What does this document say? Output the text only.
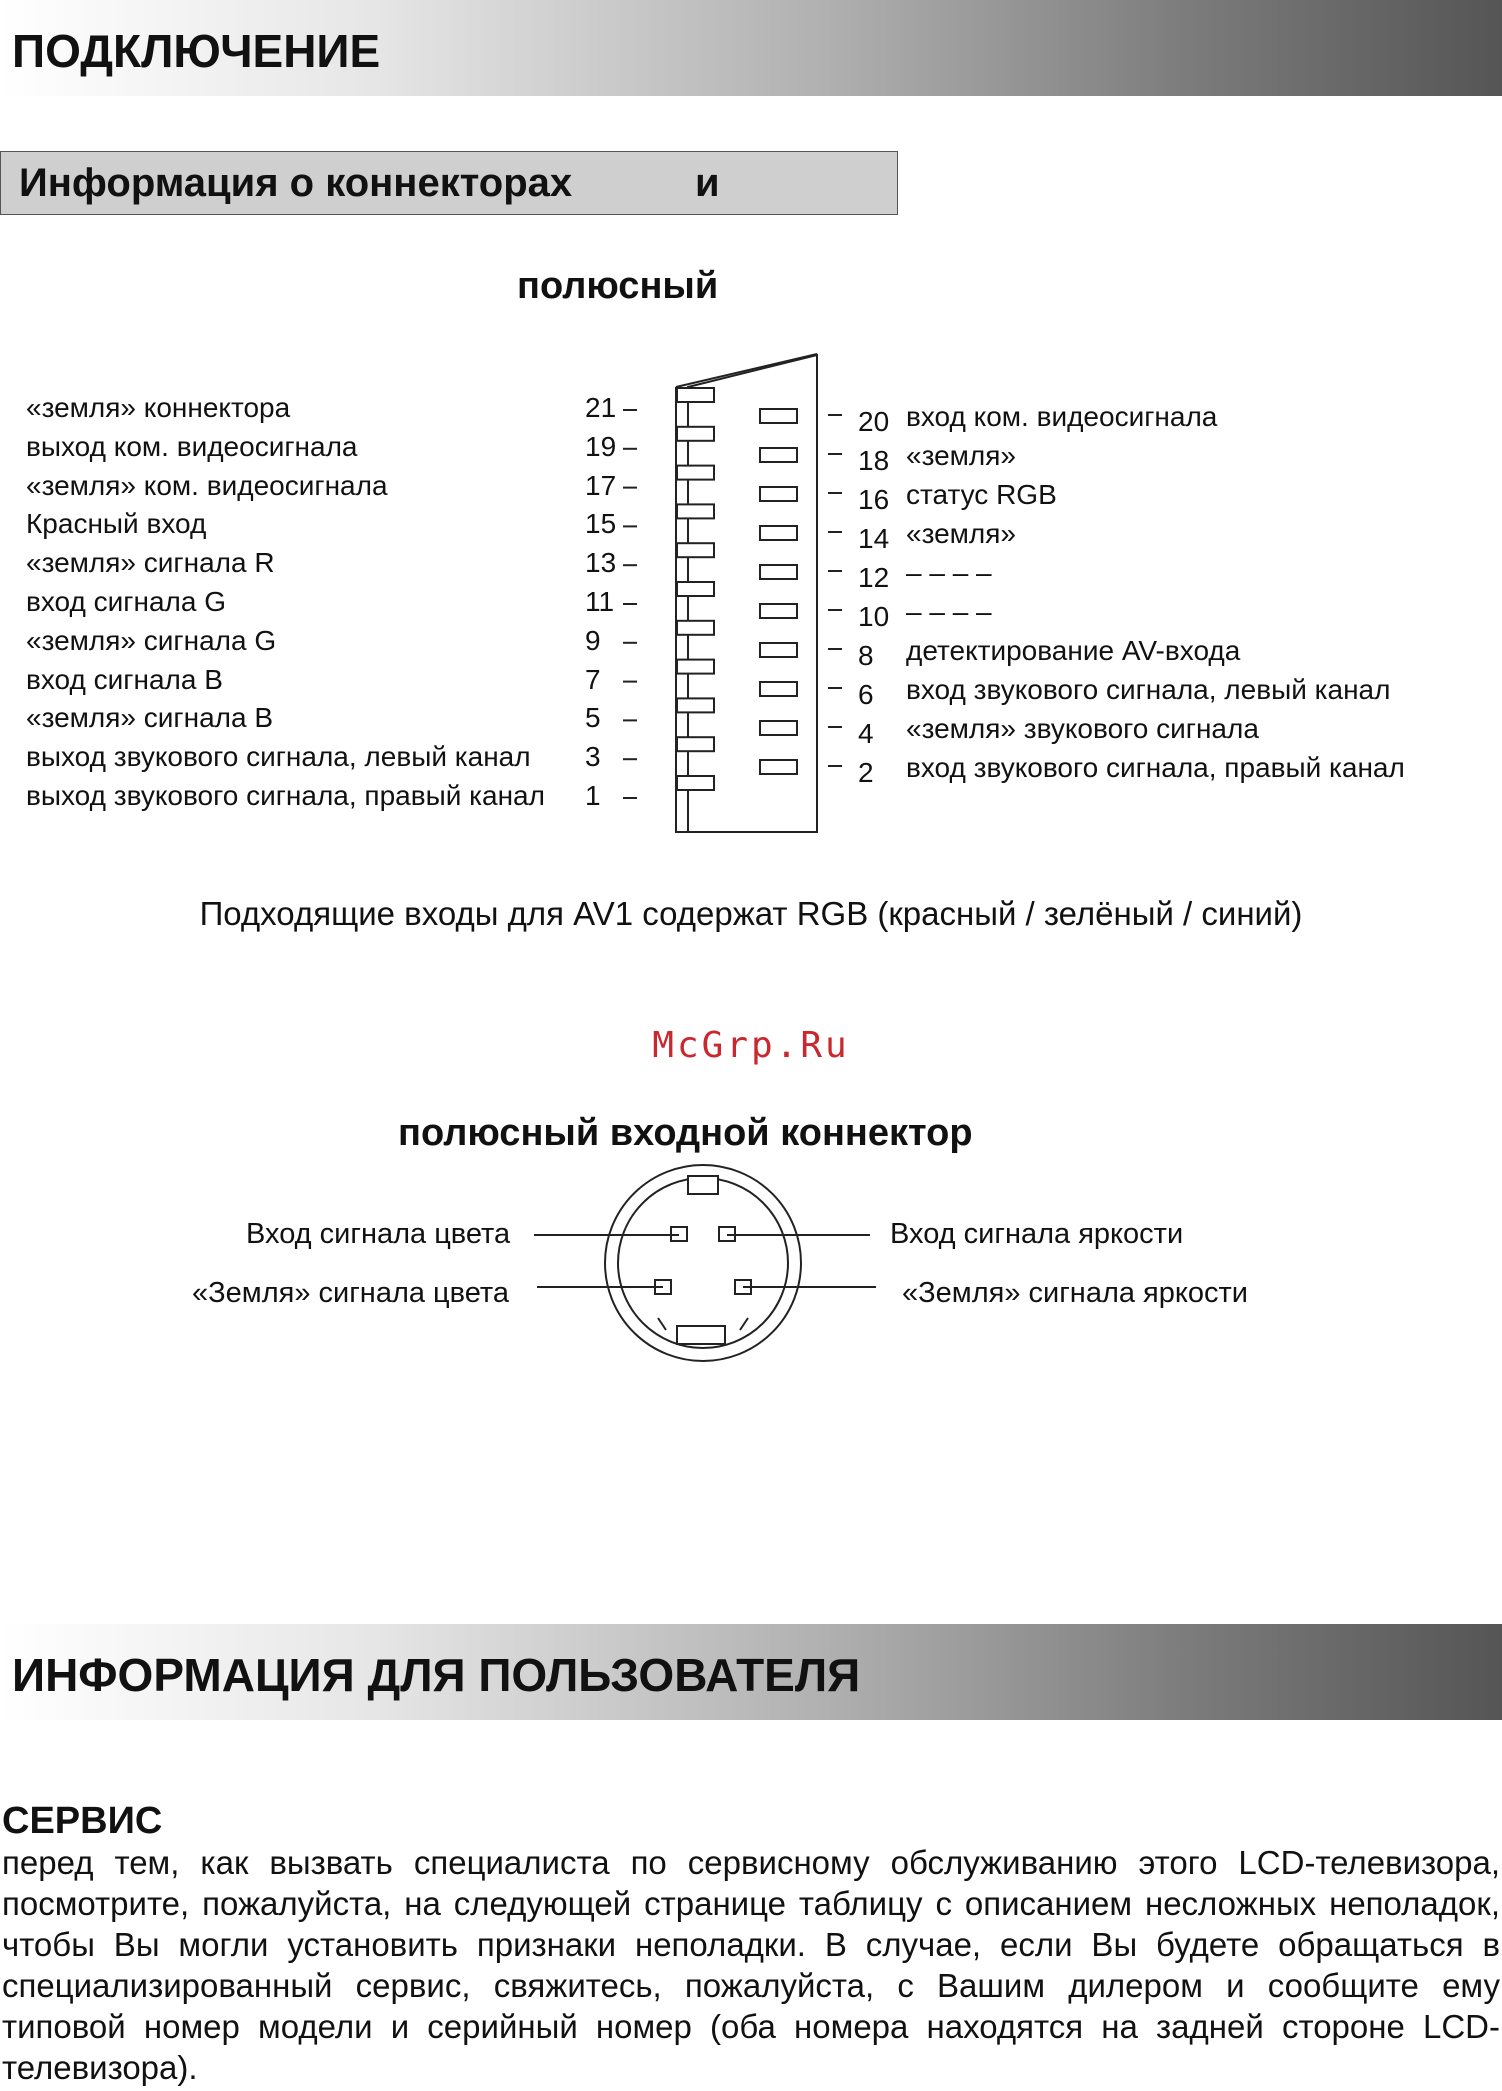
ПОДКЛЮЧЕНИЕ
Информация о коннекторах	и
полюсный
«земля» коннектора	21
выход ком. видеосигнала	19
«земля» ком. видеосигнала	17
Красный вход	15
«земля» сигнала R	13
вход сигнала G	11
«земля» сигнала G	9
вход сигнала B	7
«земля» сигнала B	5
выход звукового сигнала, левый канал 3
выход звукового сигнала, правый канал 1
20 вход ком. видеосигнала
18 «земля»
16 статус RGB
14 «земля»
12 – – – –
10 – – – –
8 детектирование AV-входа
6 вход звукового сигнала, левый канал
4 «земля» звукового сигнала
2 вход звукового сигнала, правый канал
Подходящие входы для AV1 содержат RGB (красный / зелёный / синий)
McGrp.Ru
полюсный входной коннектор
Вход сигнала цвета
«Земля» сигнала цвета
Вход сигнала яркости
«Земля» сигнала яркости
ИНФОРМАЦИЯ ДЛЯ ПОЛЬЗОВАТЕЛЯ
СЕРВИС
перед тем, как вызвать специалиста по сервисному обслуживанию этого LCD-телевизора, посмотрите, пожалуйста, на следующей странице таблицу с описанием несложных неполадок, чтобы Вы могли установить признаки неполадки. В случае, если Вы будете обращаться в специализированный сервис, свяжитесь, пожалуйста, с Вашим дилером и сообщите ему типовой номер модели и серийный номер (оба номера находятся на задней стороне LCD-телевизора).
